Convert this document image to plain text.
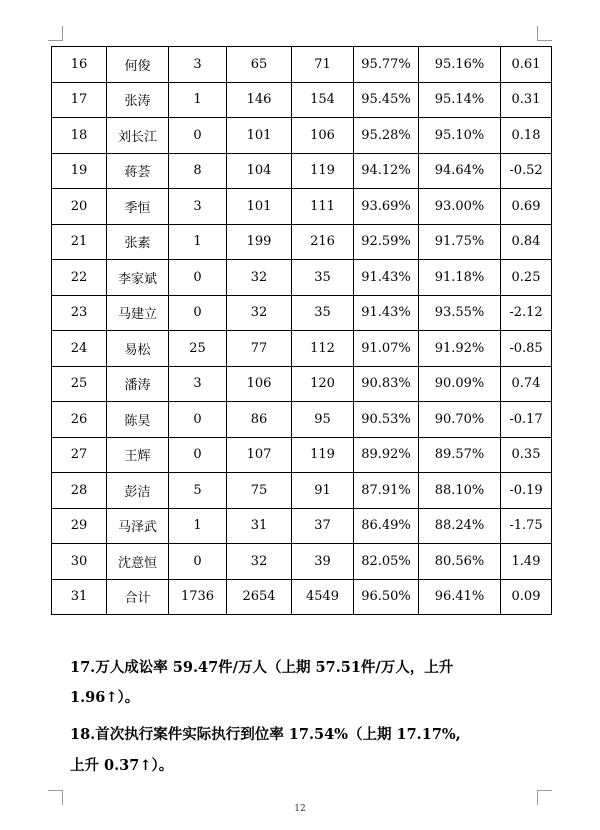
16	何俊	3	65	71	95.77%	95.16%	0.61
17	张涛	1	146	154	95.45%	95.14%	0.31
18	刘长江	0	101	106	95.28%	95.10%	0.18
19	蒋荟	8	104	119	94.12%	94.64%	-0.52
20	季恒	3	101	111	93.69%	93.00%	0.69
21	张素	1	199	216	92.59%	91.75%	0.84
22	李家斌	0	32	35	91.43%	91.18%	0.25
23	马建立	0	32	35	91.43%	93.55%	-2.12
24	易松	25	77	112	91.07%	91.92%	-0.85
25	潘涛	3	106	120	90.83%	90.09%	0.74
26	陈昊	0	86	95	90.53%	90.70%	-0.17
27	王辉	0	107	119	89.92%	89.57%	0.35
28	彭洁	5	75	91	87.91%	88.10%	-0.19
29	马泽武	1	31	37	86.49%	88.24%	-1.75
30	沈意恒	0	32	39	82.05%	80.56%	1.49
31	合计	1736	2654	4549	96.50%	96.41%	0.09
17.万人成讼率 59.47件/万人（上期 57.51件/万人，上升
1.96↑）。
18.首次执行案件实际执行到位率 17.54%（上期 17.17%,
上升 0.37↑）。
12
